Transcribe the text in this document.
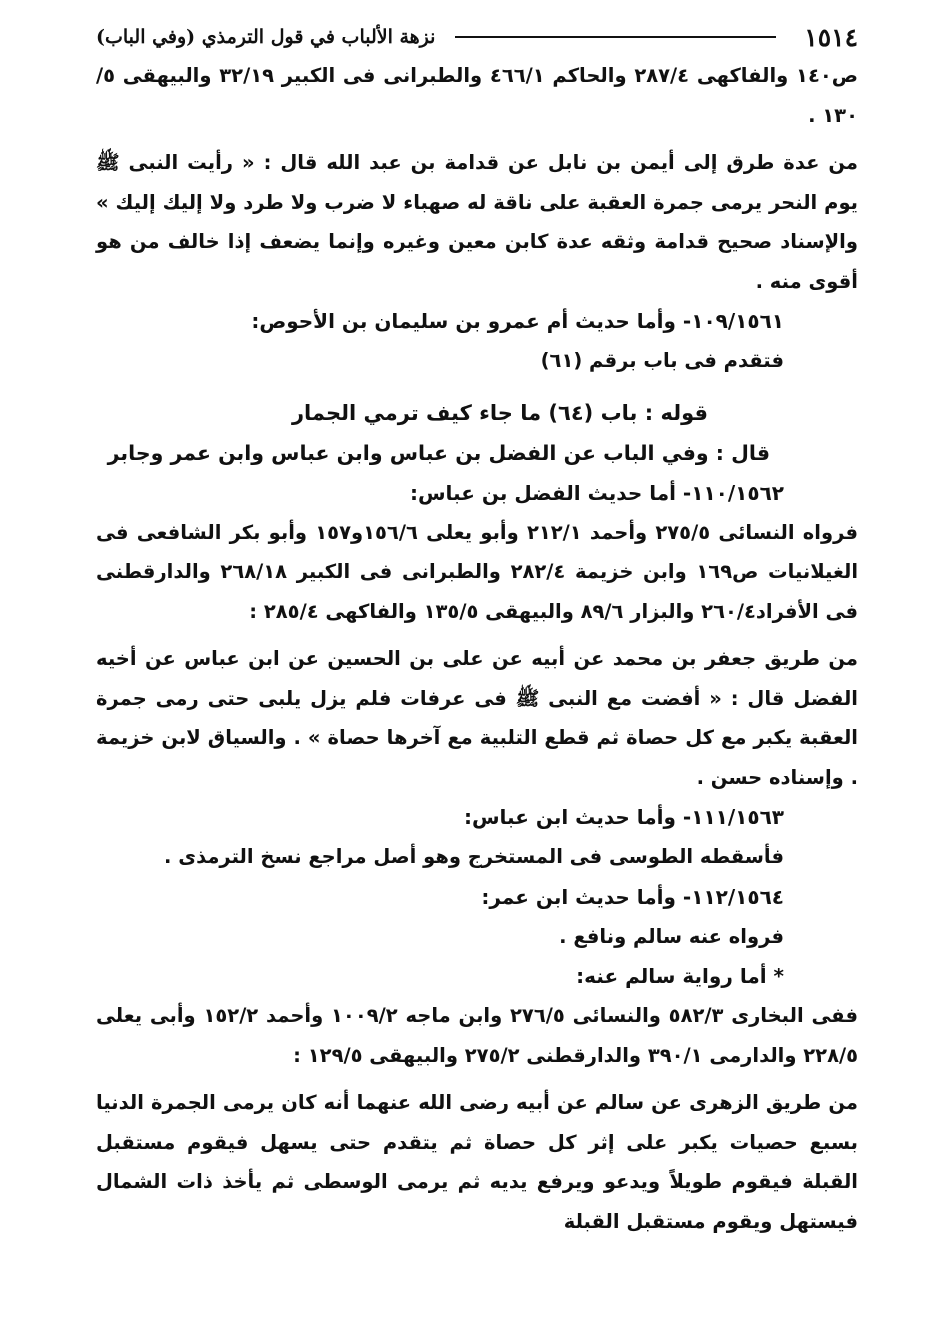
١٥١٤
نزهة الألباب في قول الترمذي (وفي الباب)

ص١٤٠ والفاكهى ٢٨٧/٤ والحاكم ٤٦٦/١ والطبرانى فى الكبير ٣٢/١٩ والبيهقى ٥/ ١٣٠ .

من عدة طرق إلى أيمن بن نابل عن قدامة بن عبد الله قال : « رأيت النبى ﷺ يوم النحر يرمى جمرة العقبة على ناقة له صهباء لا ضرب ولا طرد ولا إليك إليك » والإسناد صحيح قدامة وثقه عدة كابن معين وغيره وإنما يضعف إذا خالف من هو أقوى منه .

١٠٩/١٥٦١- وأما حديث أم عمرو بن سليمان بن الأحوص:

فتقدم فى باب برقم (٦١)

قوله : باب (٦٤) ما جاء كيف ترمي الجمار

قال : وفي الباب عن الفضل بن عباس وابن عباس وابن عمر وجابر

١١٠/١٥٦٢- أما حديث الفضل بن عباس:

فرواه النسائى ٢٧٥/٥ وأحمد ٢١٢/١ وأبو يعلى ١٥٦/٦و١٥٧ وأبو بكر الشافعى فى الغيلانيات ص١٦٩ وابن خزيمة ٢٨٢/٤ والطبرانى فى الكبير ٢٦٨/١٨ والدارقطنى فى الأفراد٢٦٠/٤ والبزار ٨٩/٦ والبيهقى ١٣٥/٥ والفاكهى ٢٨٥/٤ :

من طريق جعفر بن محمد عن أبيه عن على بن الحسين عن ابن عباس عن أخيه الفضل قال : « أفضت مع النبى ﷺ فى عرفات فلم يزل يلبى حتى رمى جمرة العقبة يكبر مع كل حصاة ثم قطع التلبية مع آخرها حصاة » . والسياق لابن خزيمة . وإسناده حسن .

١١١/١٥٦٣- وأما حديث ابن عباس:

فأسقطه الطوسى فى المستخرج وهو أصل مراجع نسخ الترمذى .

١١٢/١٥٦٤- وأما حديث ابن عمر:

فرواه عنه سالم ونافع .

* أما رواية سالم عنه:

ففى البخارى ٥٨٢/٣ والنسائى ٢٧٦/٥ وابن ماجه ١٠٠٩/٢ وأحمد ١٥٢/٢ وأبى يعلى ٢٢٨/٥ والدارمى ٣٩٠/١ والدارقطنى ٢٧٥/٢ والبيهقى ١٢٩/٥ :

من طريق الزهرى عن سالم عن أبيه رضى الله عنهما أنه كان يرمى الجمرة الدنيا بسبع حصيات يكبر على إثر كل حصاة ثم يتقدم حتى يسهل فيقوم مستقبل القبلة فيقوم طويلاً ويدعو ويرفع يديه ثم يرمى الوسطى ثم يأخذ ذات الشمال فيستهل ويقوم مستقبل القبلة
